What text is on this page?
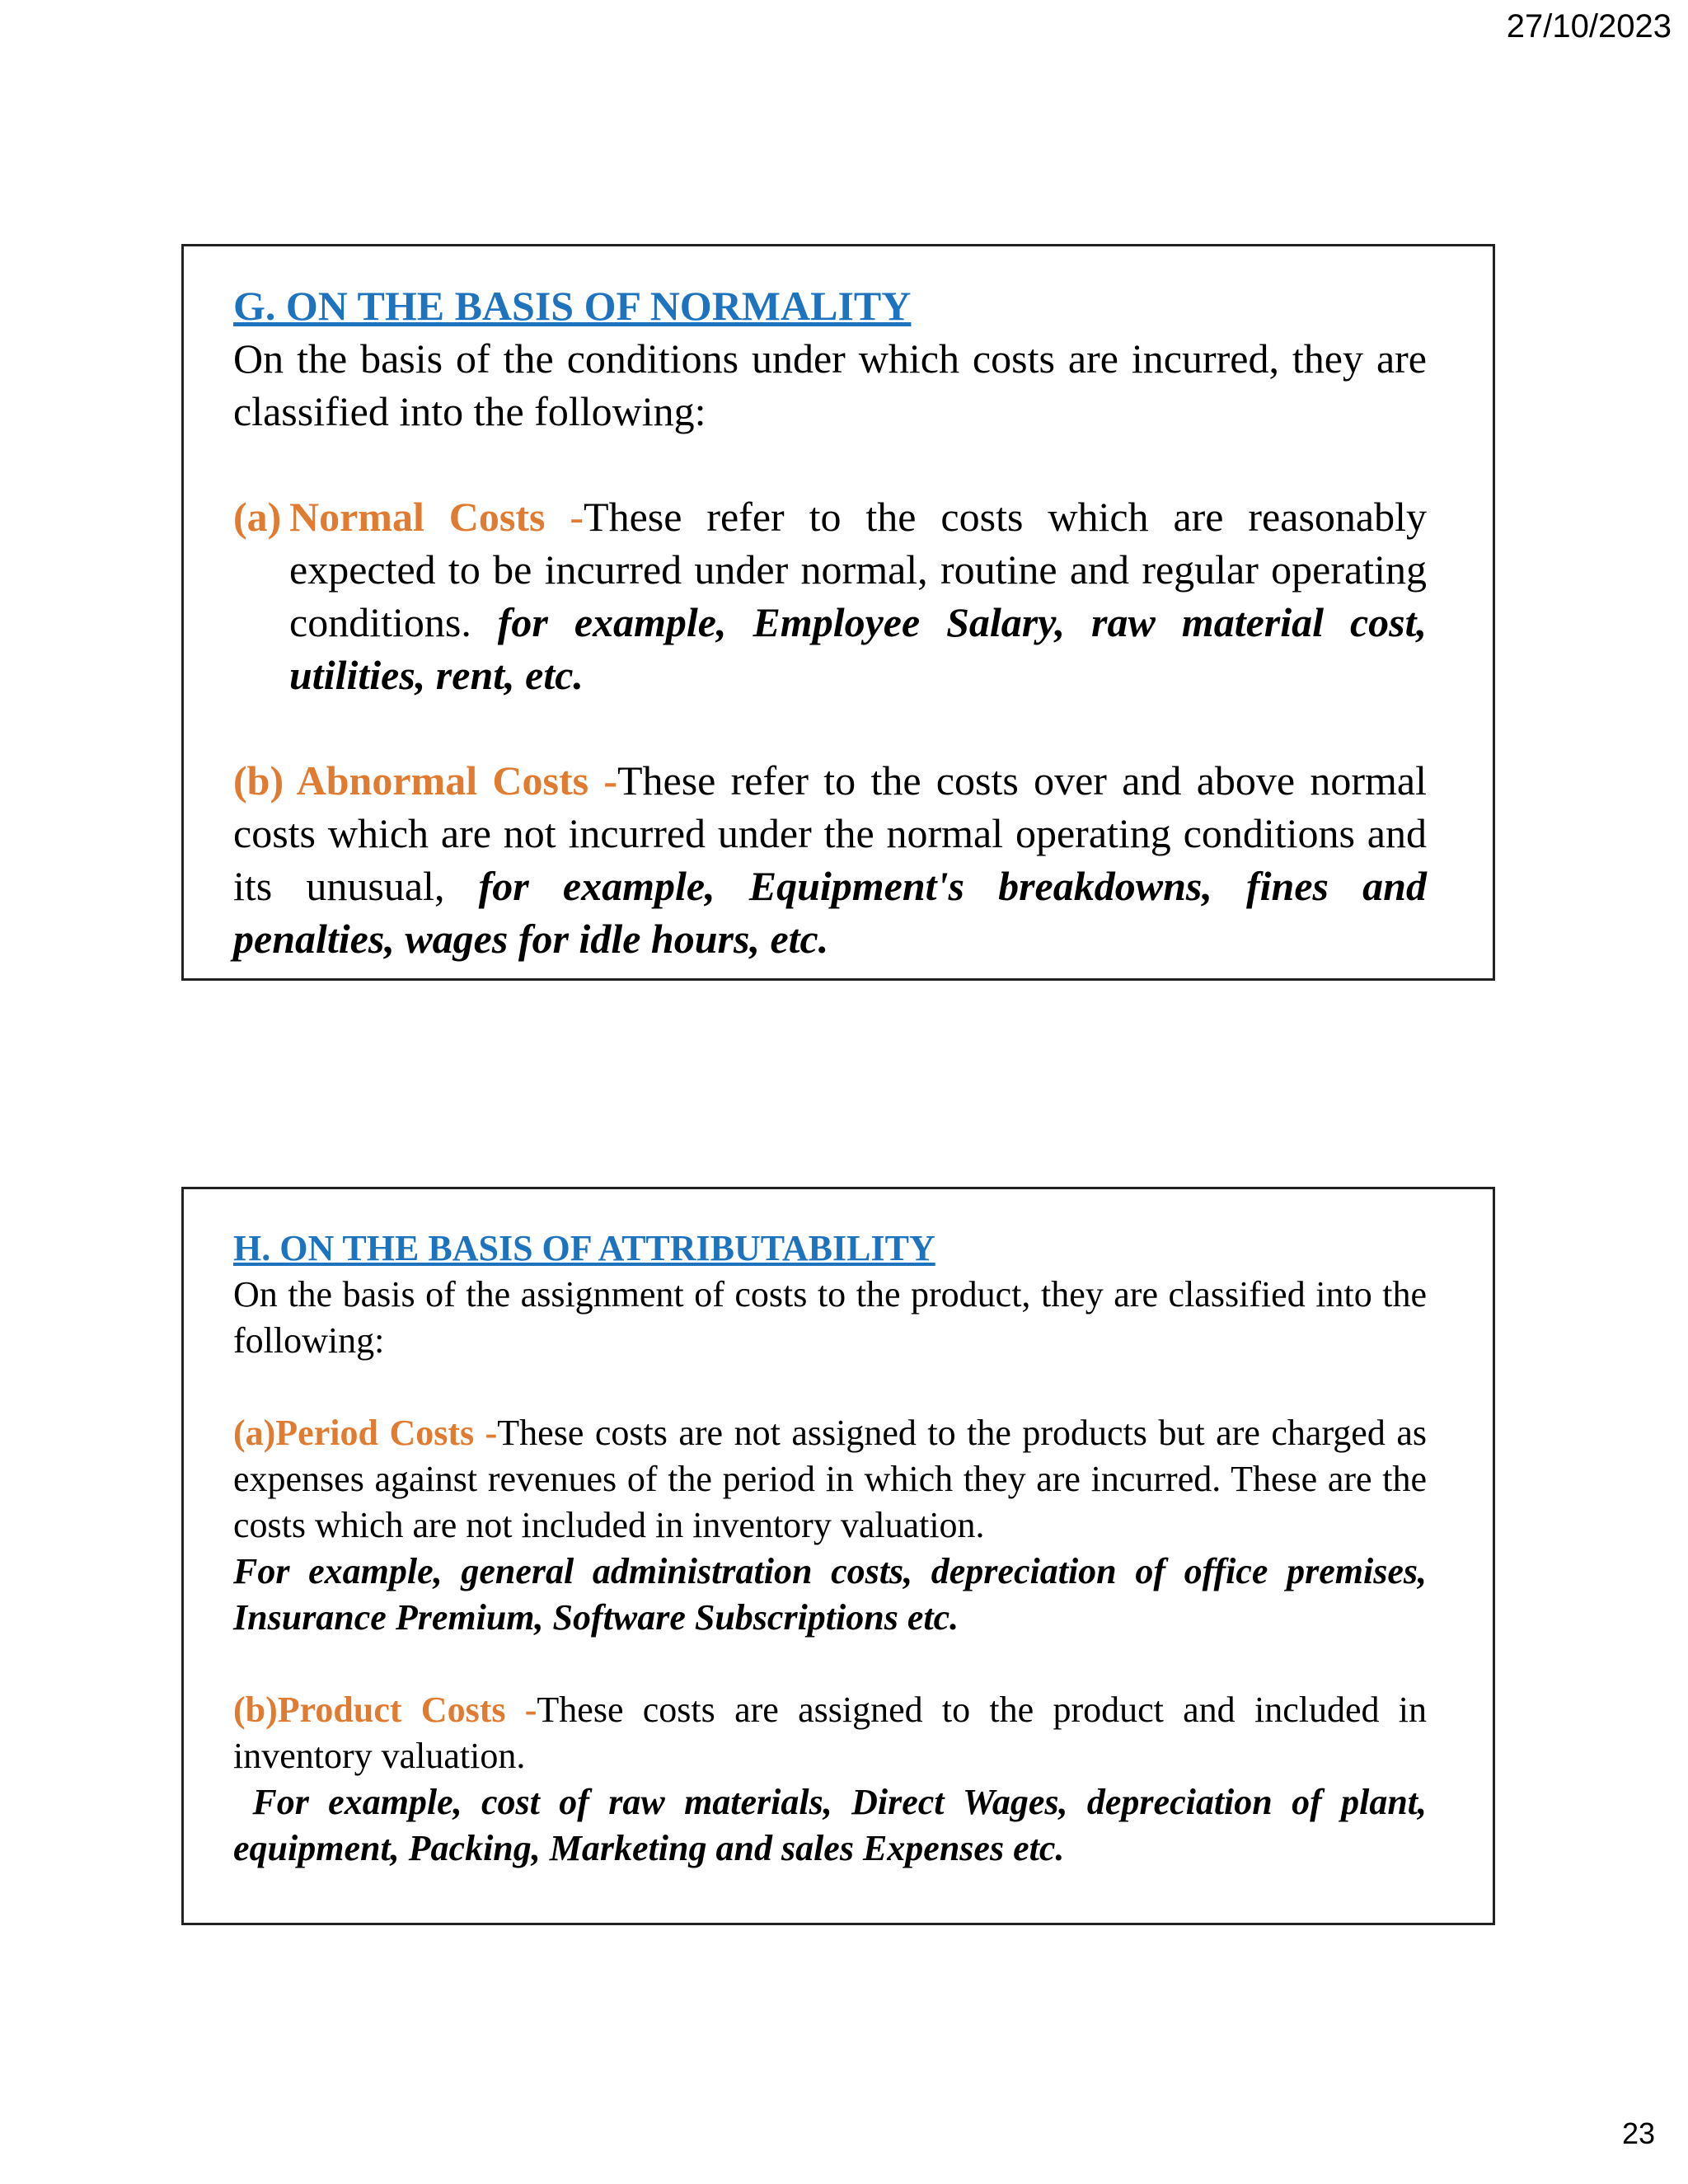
27/10/2023
G. ON THE BASIS OF NORMALITY

On the basis of the conditions under which costs are incurred, they are classified into the following:

(a) Normal Costs -These refer to the costs which are reasonably expected to be incurred under normal, routine and regular operating conditions. for example, Employee Salary, raw material cost, utilities, rent, etc.

(b) Abnormal Costs -These refer to the costs over and above normal costs which are not incurred under the normal operating conditions and its unusual, for example, Equipment's breakdowns, fines and penalties, wages for idle hours, etc.

H. ON THE BASIS OF ATTRIBUTABILITY

On the basis of the assignment of costs to the product, they are classified into the following:

(a)Period Costs -These costs are not assigned to the products but are charged as expenses against revenues of the period in which they are incurred. These are the costs which are not included in inventory valuation.

For example, general administration costs, depreciation of office premises, Insurance Premium, Software Subscriptions etc.

(b)Product Costs -These costs are assigned to the product and included in inventory valuation.

For example, cost of raw materials, Direct Wages, depreciation of plant, equipment, Packing, Marketing and sales Expenses etc.

23
